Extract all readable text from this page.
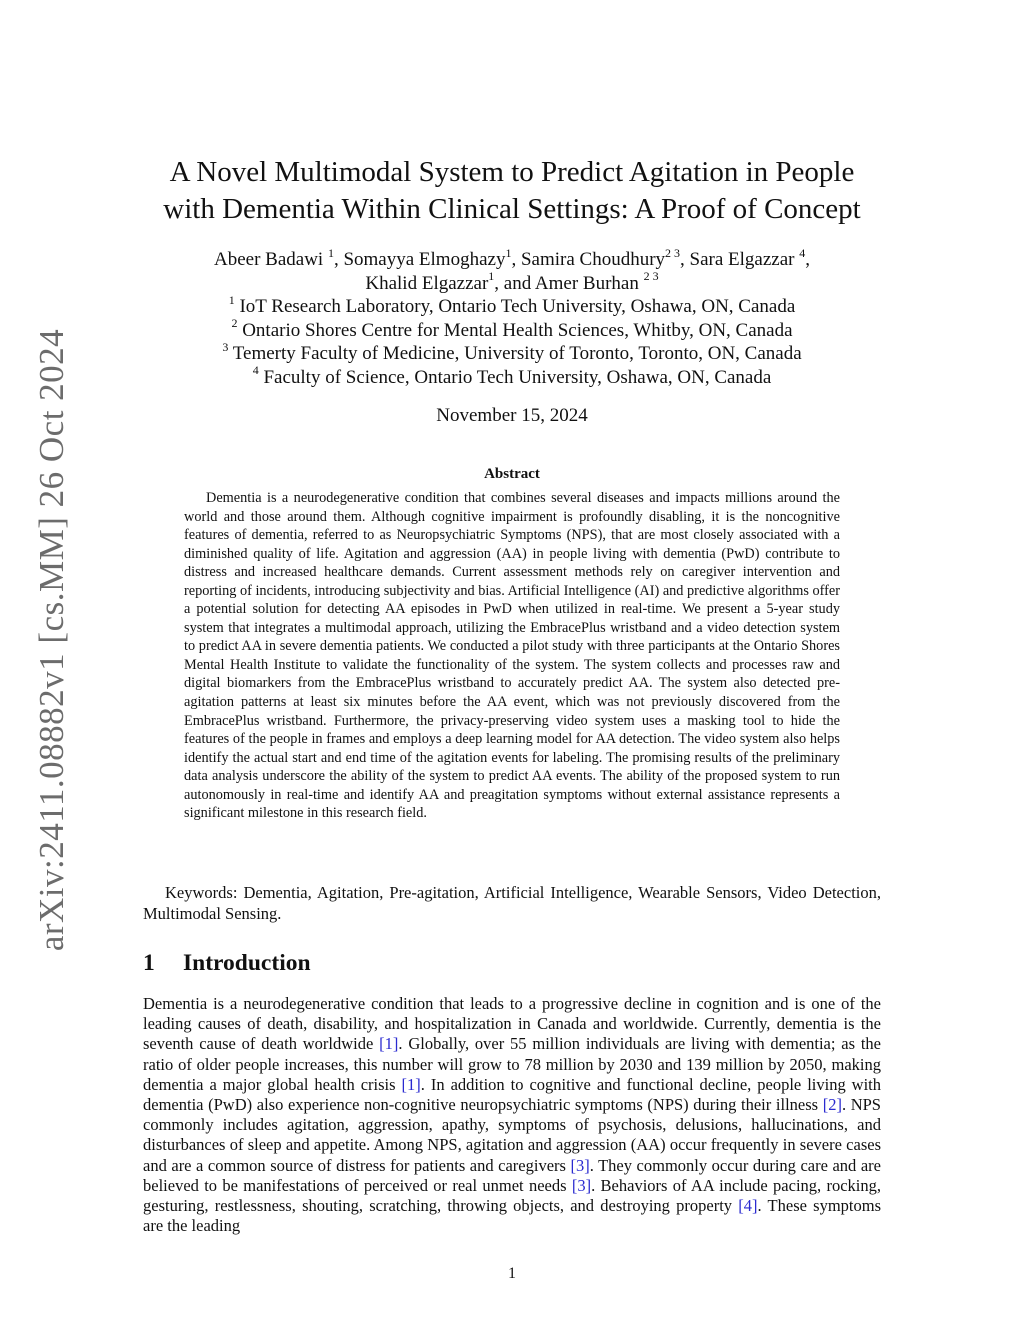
arXiv:2411.08882v1 [cs.MM] 26 Oct 2024
A Novel Multimodal System to Predict Agitation in People
with Dementia Within Clinical Settings: A Proof of Concept
Abeer Badawi $^1$, Somayya Elmoghazy$^1$, Samira Choudhury$^{2 3}$, Sara Elgazzar $^4$,
Khalid Elgazzar$^1$, and Amer Burhan $^{2 3}$
$^1$ IoT Research Laboratory, Ontario Tech University, Oshawa, ON, Canada
$^2$ Ontario Shores Centre for Mental Health Sciences, Whitby, ON, Canada
$^3$ Temerty Faculty of Medicine, University of Toronto, Toronto, ON, Canada
$^4$ Faculty of Science, Ontario Tech University, Oshawa, ON, Canada
November 15, 2024
Abstract

Dementia is a neurodegenerative condition that combines several diseases and impacts millions around the world and those around them. Although cognitive impairment is profoundly disabling, it is the noncognitive features of dementia, referred to as Neuropsychiatric Symptoms (NPS), that are most closely associated with a diminished quality of life. Agitation and aggression (AA) in people living with dementia (PwD) contribute to distress and increased healthcare demands. Current assessment methods rely on caregiver intervention and reporting of incidents, introducing subjectivity and bias. Artificial Intelligence (AI) and predictive algorithms offer a potential solution for detecting AA episodes in PwD when utilized in real-time. We present a 5-year study system that integrates a multimodal approach, utilizing the EmbracePlus wristband and a video detection system to predict AA in severe dementia patients. We conducted a pilot study with three participants at the Ontario Shores Mental Health Institute to validate the functionality of the system. The system collects and processes raw and digital biomarkers from the EmbracePlus wristband to accurately predict AA. The system also detected pre-agitation patterns at least six minutes before the AA event, which was not previously discovered from the EmbracePlus wristband. Furthermore, the privacy-preserving video system uses a masking tool to hide the features of the people in frames and employs a deep learning model for AA detection. The video system also helps identify the actual start and end time of the agitation events for labeling. The promising results of the preliminary data analysis underscore the ability of the system to predict AA events. The ability of the proposed system to run autonomously in real-time and identify AA and preagitation symptoms without external assistance represents a significant milestone in this research field.

Keywords: Dementia, Agitation, Pre-agitation, Artificial Intelligence, Wearable Sensors, Video Detection, Multimodal Sensing.

1 Introduction

Dementia is a neurodegenerative condition that leads to a progressive decline in cognition and is one of the leading causes of death, disability, and hospitalization in Canada and worldwide. Currently, dementia is the seventh cause of death worldwide [1]. Globally, over 55 million individuals are living with dementia; as the ratio of older people increases, this number will grow to 78 million by 2030 and 139 million by 2050, making dementia a major global health crisis [1]. In addition to cognitive and functional decline, people living with dementia (PwD) also experience non-cognitive neuropsychiatric symptoms (NPS) during their illness [2]. NPS commonly includes agitation, aggression, apathy, symptoms of psychosis, delusions, hallucinations, and disturbances of sleep and appetite. Among NPS, agitation and aggression (AA) occur frequently in severe cases and are a common source of distress for patients and caregivers [3]. They commonly occur during care and are believed to be manifestations of perceived or real unmet needs [3]. Behaviors of AA include pacing, rocking, gesturing, restlessness, shouting, scratching, throwing objects, and destroying property [4]. These symptoms are the leading

1
